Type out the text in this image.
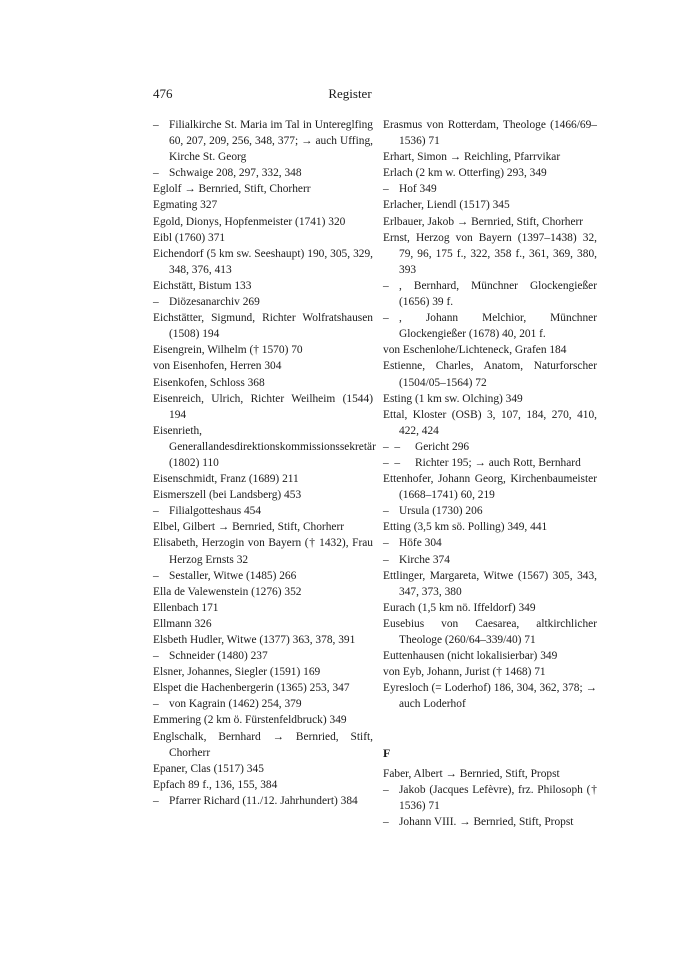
476	Register
– Filialkirche St. Maria im Tal in Untereglfing 60, 207, 209, 256, 348, 377; → auch Uffing, Kirche St. Georg
– Schwaige 208, 297, 332, 348
Eglolf → Bernried, Stift, Chorherr
Egmating 327
Egold, Dionys, Hopfenmeister (1741) 320
Eibl (1760) 371
Eichendorf (5 km sw. Seeshaupt) 190, 305, 329, 348, 376, 413
Eichstätt, Bistum 133
– Diözesanarchiv 269
Eichstätter, Sigmund, Richter Wolfratshausen (1508) 194
Eisengrein, Wilhelm († 1570) 70
von Eisenhofen, Herren 304
Eisenkofen, Schloss 368
Eisenreich, Ulrich, Richter Weilheim (1544) 194
Eisenrieth, Generallandesdirektionskommissionssekretär (1802) 110
Eisenschmidt, Franz (1689) 211
Eismerszell (bei Landsberg) 453
– Filialgotteshaus 454
Elbel, Gilbert → Bernried, Stift, Chorherr
Elisabeth, Herzogin von Bayern († 1432), Frau Herzog Ernsts 32
– Sestaller, Witwe (1485) 266
Ella de Valewenstein (1276) 352
Ellenbach 171
Ellmann 326
Elsbeth Hudler, Witwe (1377) 363, 378, 391
– Schneider (1480) 237
Elsner, Johannes, Siegler (1591) 169
Elspet die Hachenbergerin (1365) 253, 347
– von Kagrain (1462) 254, 379
Emmering (2 km ö. Fürstenfeldbruck) 349
Englschalk, Bernhard → Bernried, Stift, Chorherr
Epaner, Clas (1517) 345
Epfach 89 f., 136, 155, 384
– Pfarrer Richard (11./12. Jahrhundert) 384
Erasmus von Rotterdam, Theologe (1466/69–1536) 71
Erhart, Simon → Reichling, Pfarrvikar
Erlach (2 km w. Otterfing) 293, 349
– Hof 349
Erlacher, Liendl (1517) 345
Erlbauer, Jakob → Bernried, Stift, Chorherr
Ernst, Herzog von Bayern (1397–1438) 32, 79, 96, 175 f., 322, 358 f., 361, 369, 380, 393
– , Bernhard, Münchner Glockengießer (1656) 39 f.
– , Johann Melchior, Münchner Glockengießer (1678) 40, 201 f.
von Eschenlohe/Lichteneck, Grafen 184
Estienne, Charles, Anatom, Naturforscher (1504/05–1564) 72
Esting (1 km sw. Olching) 349
Ettal, Kloster (OSB) 3, 107, 184, 270, 410, 422, 424
–  – Gericht 296
–  – Richter 195; → auch Rott, Bernhard
Ettenhofer, Johann Georg, Kirchenbaumeister (1668–1741) 60, 219
– Ursula (1730) 206
Etting (3,5 km sö. Polling) 349, 441
– Höfe 304
– Kirche 374
Ettlinger, Margareta, Witwe (1567) 305, 343, 347, 373, 380
Eurach (1,5 km nö. Iffeldorf) 349
Eusebius von Caesarea, altkirchlicher Theologe (260/64–339/40) 71
Euttenhausen (nicht lokalisierbar) 349
von Eyb, Johann, Jurist († 1468) 71
Eyresloch (= Loderhof) 186, 304, 362, 378; → auch Loderhof
F
Faber, Albert → Bernried, Stift, Propst
– Jakob (Jacques Lefèvre), frz. Philosoph († 1536) 71
– Johann VIII. → Bernried, Stift, Propst
